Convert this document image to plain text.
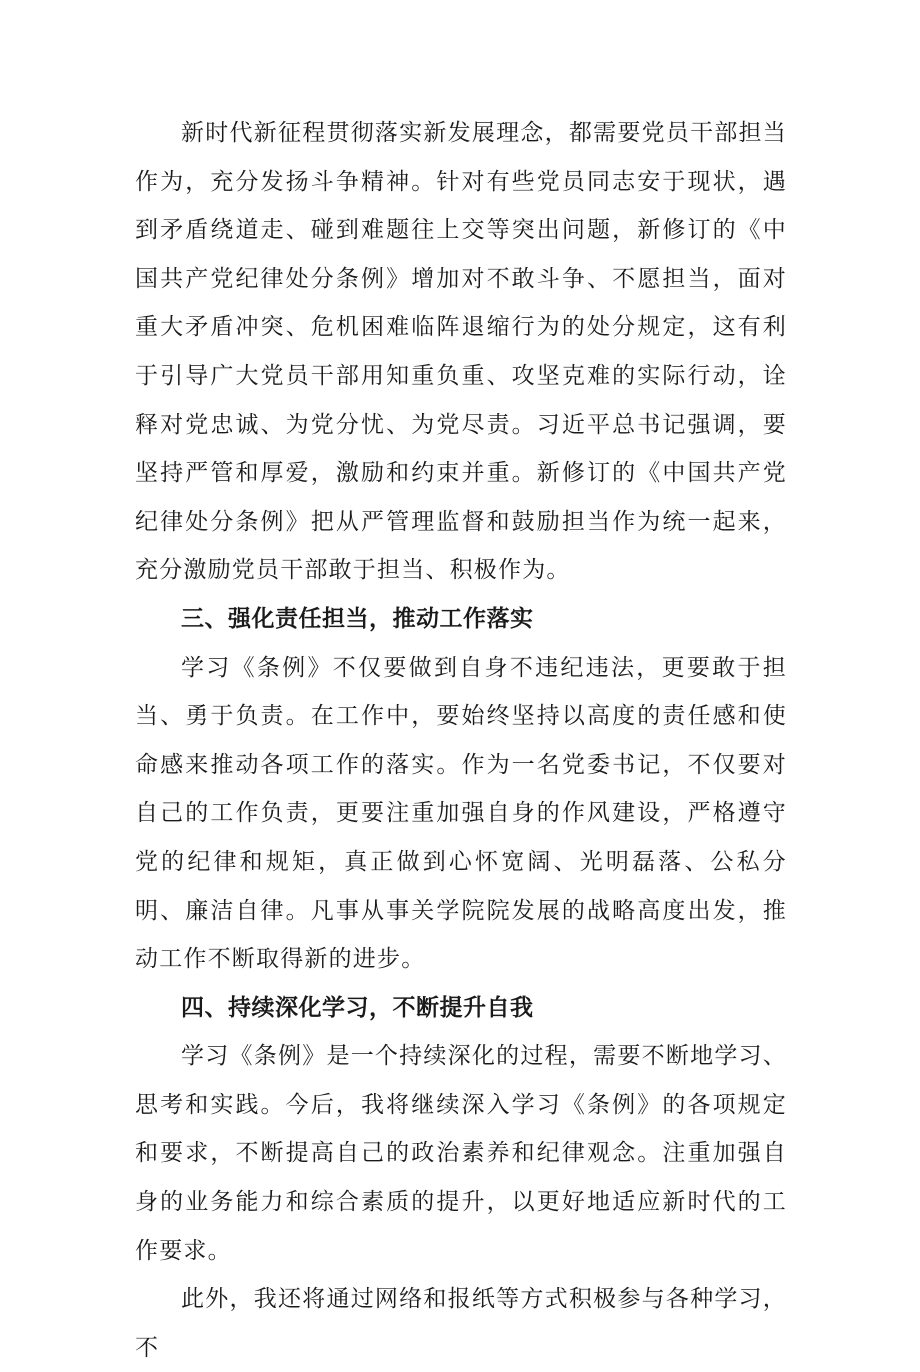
新时代新征程贯彻落实新发展理念，都需要党员干部担当作为，充分发扬斗争精神。针对有些党员同志安于现状，遇到矛盾绕道走、碰到难题往上交等突出问题，新修订的《中国共产党纪律处分条例》增加对不敢斗争、不愿担当，面对重大矛盾冲突、危机困难临阵退缩行为的处分规定，这有利于引导广大党员干部用知重负重、攻坚克难的实际行动，诠释对党忠诚、为党分忧、为党尽责。习近平总书记强调，要坚持严管和厚爱，激励和约束并重。新修订的《中国共产党纪律处分条例》把从严管理监督和鼓励担当作为统一起来，充分激励党员干部敢于担当、积极作为。

三、强化责任担当，推动工作落实

学习《条例》不仅要做到自身不违纪违法，更要敢于担当、勇于负责。在工作中，要始终坚持以高度的责任感和使命感来推动各项工作的落实。作为一名党委书记，不仅要对自己的工作负责，更要注重加强自身的作风建设，严格遵守党的纪律和规矩，真正做到心怀宽阔、光明磊落、公私分明、廉洁自律。凡事从事关学院院发展的战略高度出发，推动工作不断取得新的进步。

四、持续深化学习，不断提升自我

学习《条例》是一个持续深化的过程，需要不断地学习、思考和实践。今后，我将继续深入学习《条例》的各项规定和要求，不断提高自己的政治素养和纪律观念。注重加强自身的业务能力和综合素质的提升，以更好地适应新时代的工作要求。

此外，我还将通过网络和报纸等方式积极参与各种学习，不
